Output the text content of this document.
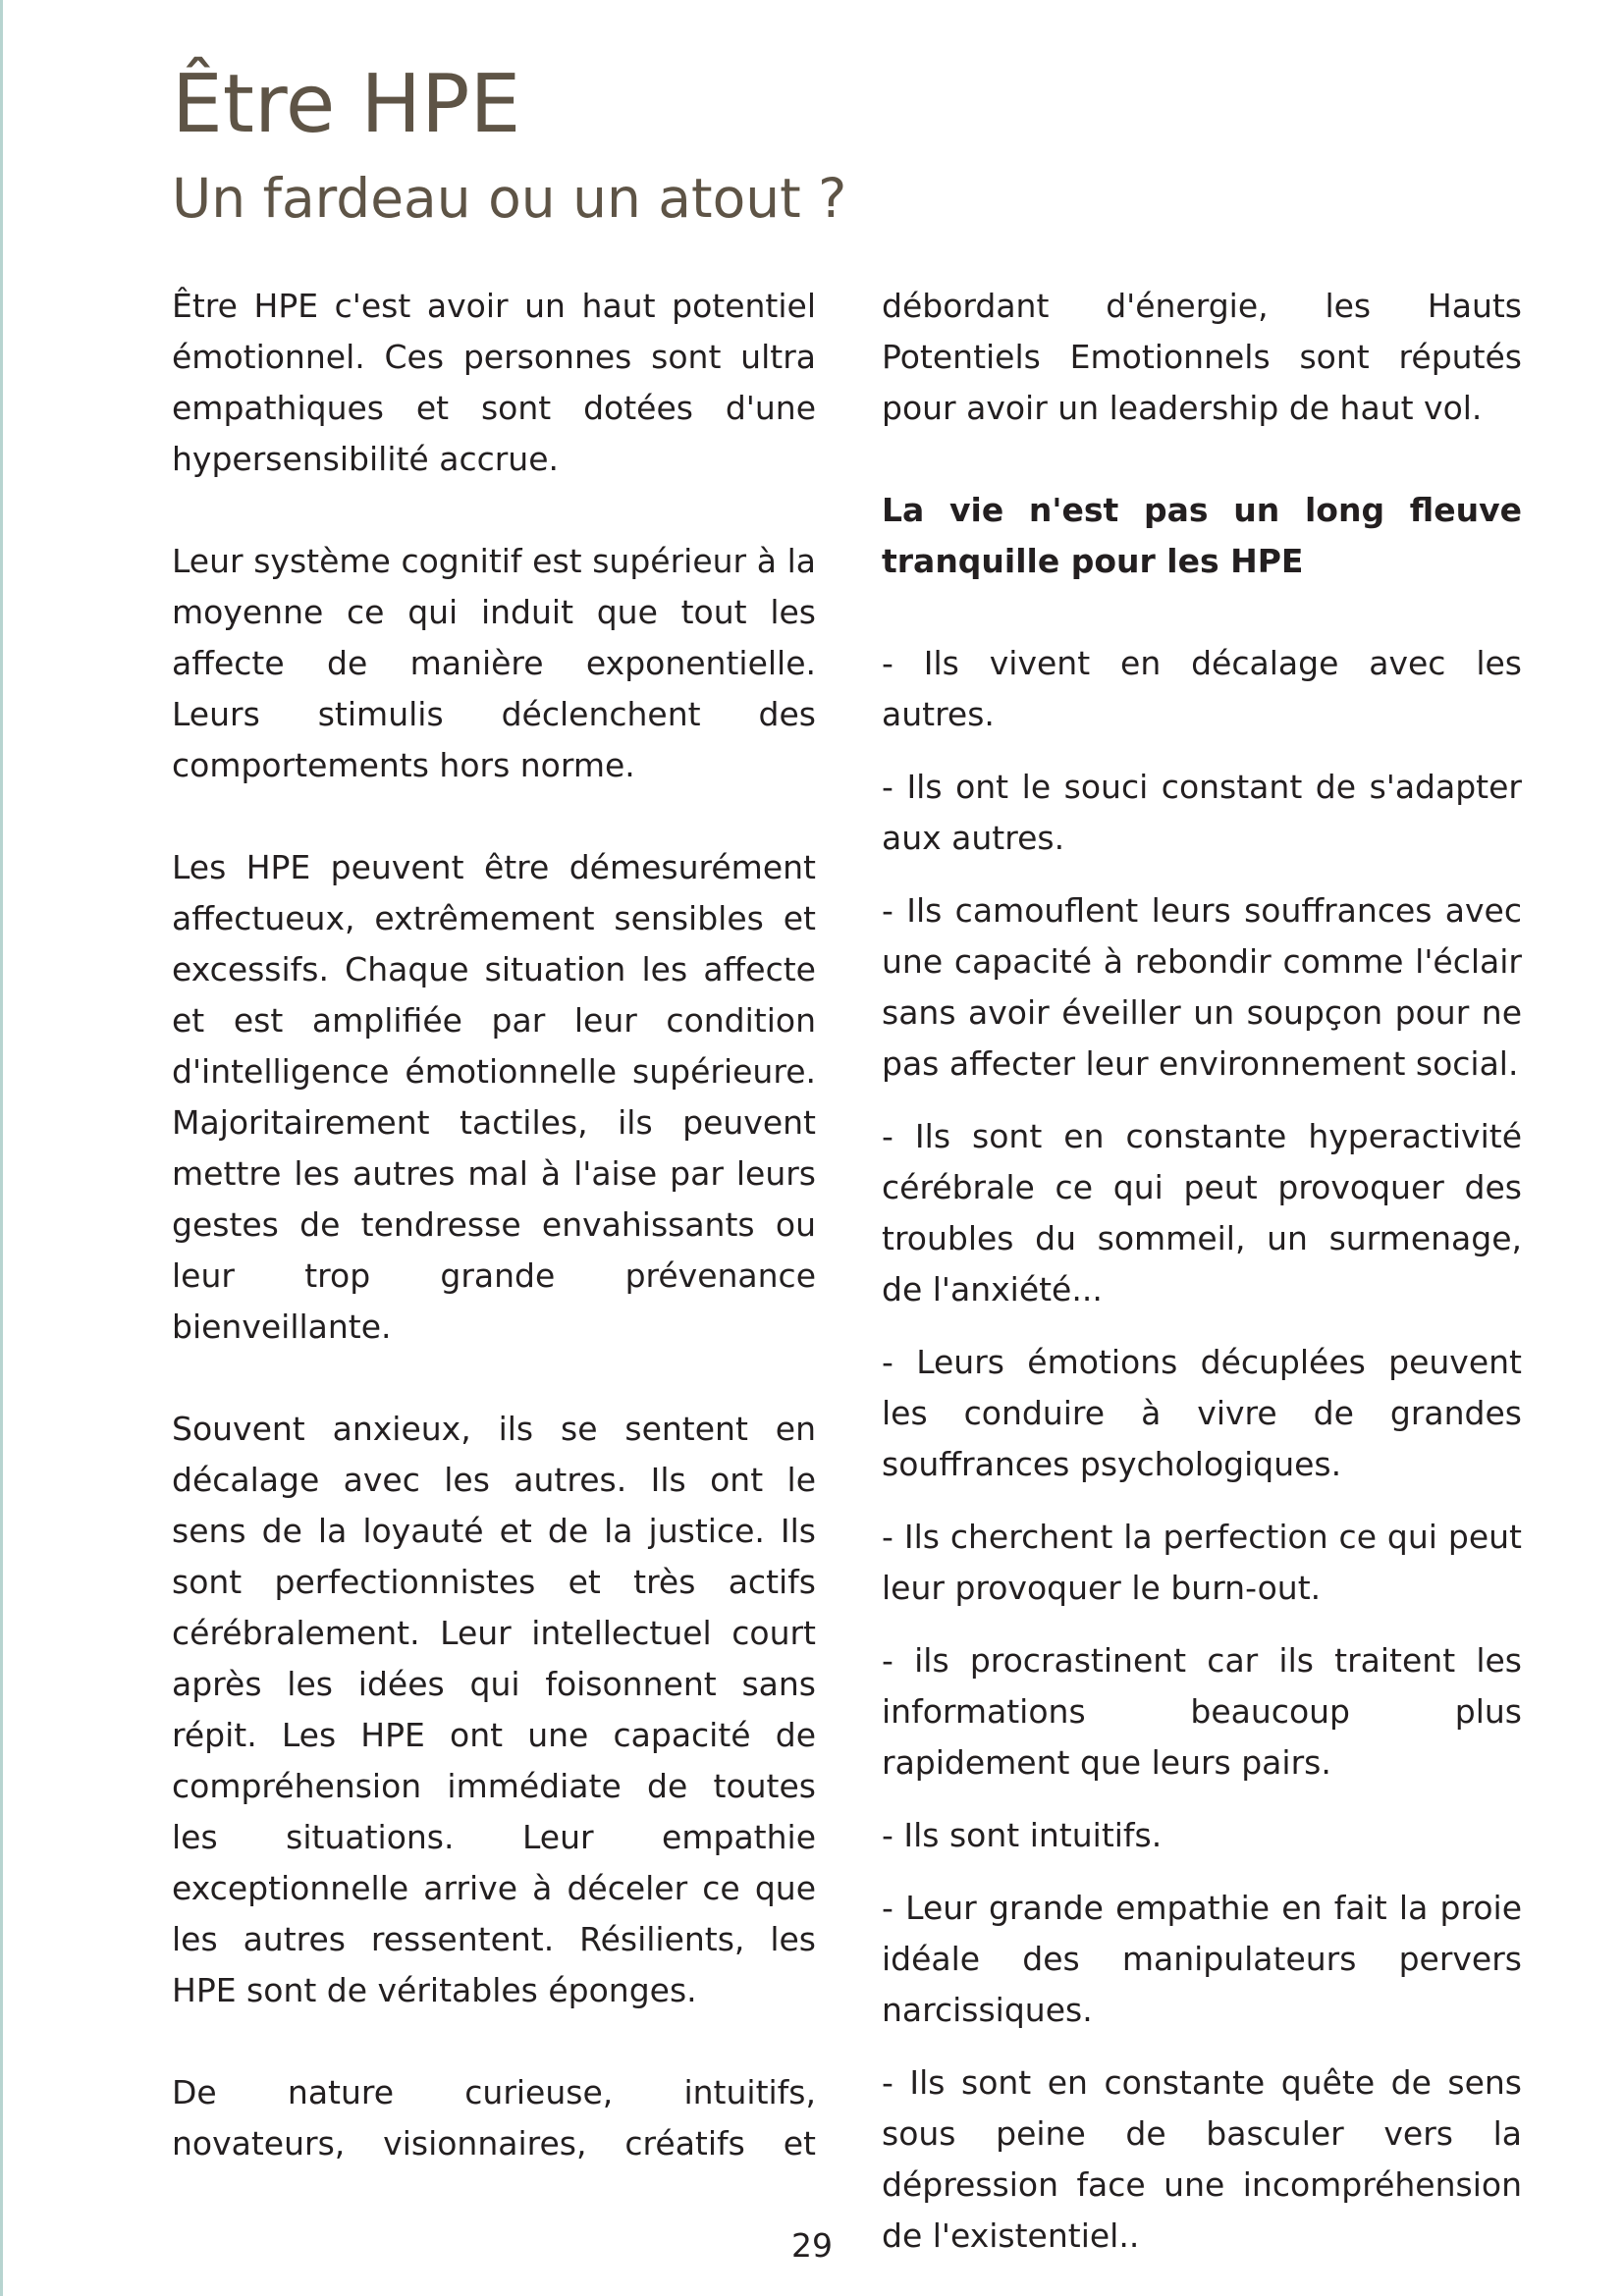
Être HPE
Un fardeau ou un atout ?

Être HPE c'est avoir un haut potentiel émotionnel. Ces personnes sont ultra empathiques et sont dotées d'une hypersensibilité accrue.

Leur système cognitif est supérieur à la moyenne ce qui induit que tout les affecte de manière exponentielle. Leurs stimulis déclenchent des comportements hors norme.

Les HPE peuvent être démesurément affectueux, extrêmement sensibles et excessifs. Chaque situation les affecte et est amplifiée par leur condition d'intelligence émotionnelle supérieure. Majoritairement tactiles, ils peuvent mettre les autres mal à l'aise par leurs gestes de tendresse envahissants ou leur trop grande prévenance bienveillante.

Souvent anxieux, ils se sentent en décalage avec les autres. Ils ont le sens de la loyauté et de la justice. Ils sont perfectionnistes et très actifs cérébralement. Leur intellectuel court après les idées qui foisonnent sans répit. Les HPE ont une capacité de compréhension immédiate de toutes les situations. Leur empathie exceptionnelle arrive à déceler ce que les autres ressentent. Résilients, les HPE sont de véritables éponges.

De nature curieuse, intuitifs, novateurs, visionnaires, créatifs et

débordant d'énergie, les Hauts Potentiels Emotionnels sont réputés pour avoir un leadership de haut vol.

La vie n'est pas un long fleuve tranquille pour les HPE

- Ils vivent en décalage avec les autres.

- Ils ont le souci constant de s'adapter aux autres.

- Ils camouflent leurs souffrances avec une capacité à rebondir comme l'éclair sans avoir éveiller un soupçon pour ne pas affecter leur environnement social.

- Ils sont en constante hyperactivité cérébrale ce qui peut provoquer des troubles du sommeil, un surmenage, de l'anxiété...

- Leurs émotions décuplées peuvent les conduire à vivre de grandes souffrances psychologiques.

- Ils cherchent la perfection ce qui peut leur provoquer le burn-out.

- ils procrastinent car ils traitent les informations beaucoup plus rapidement que leurs pairs.

- Ils sont intuitifs.

- Leur grande empathie en fait la proie idéale des manipulateurs pervers narcissiques.

- Ils sont en constante quête de sens sous peine de basculer vers la dépression face une incompréhension de l'existentiel..

29
